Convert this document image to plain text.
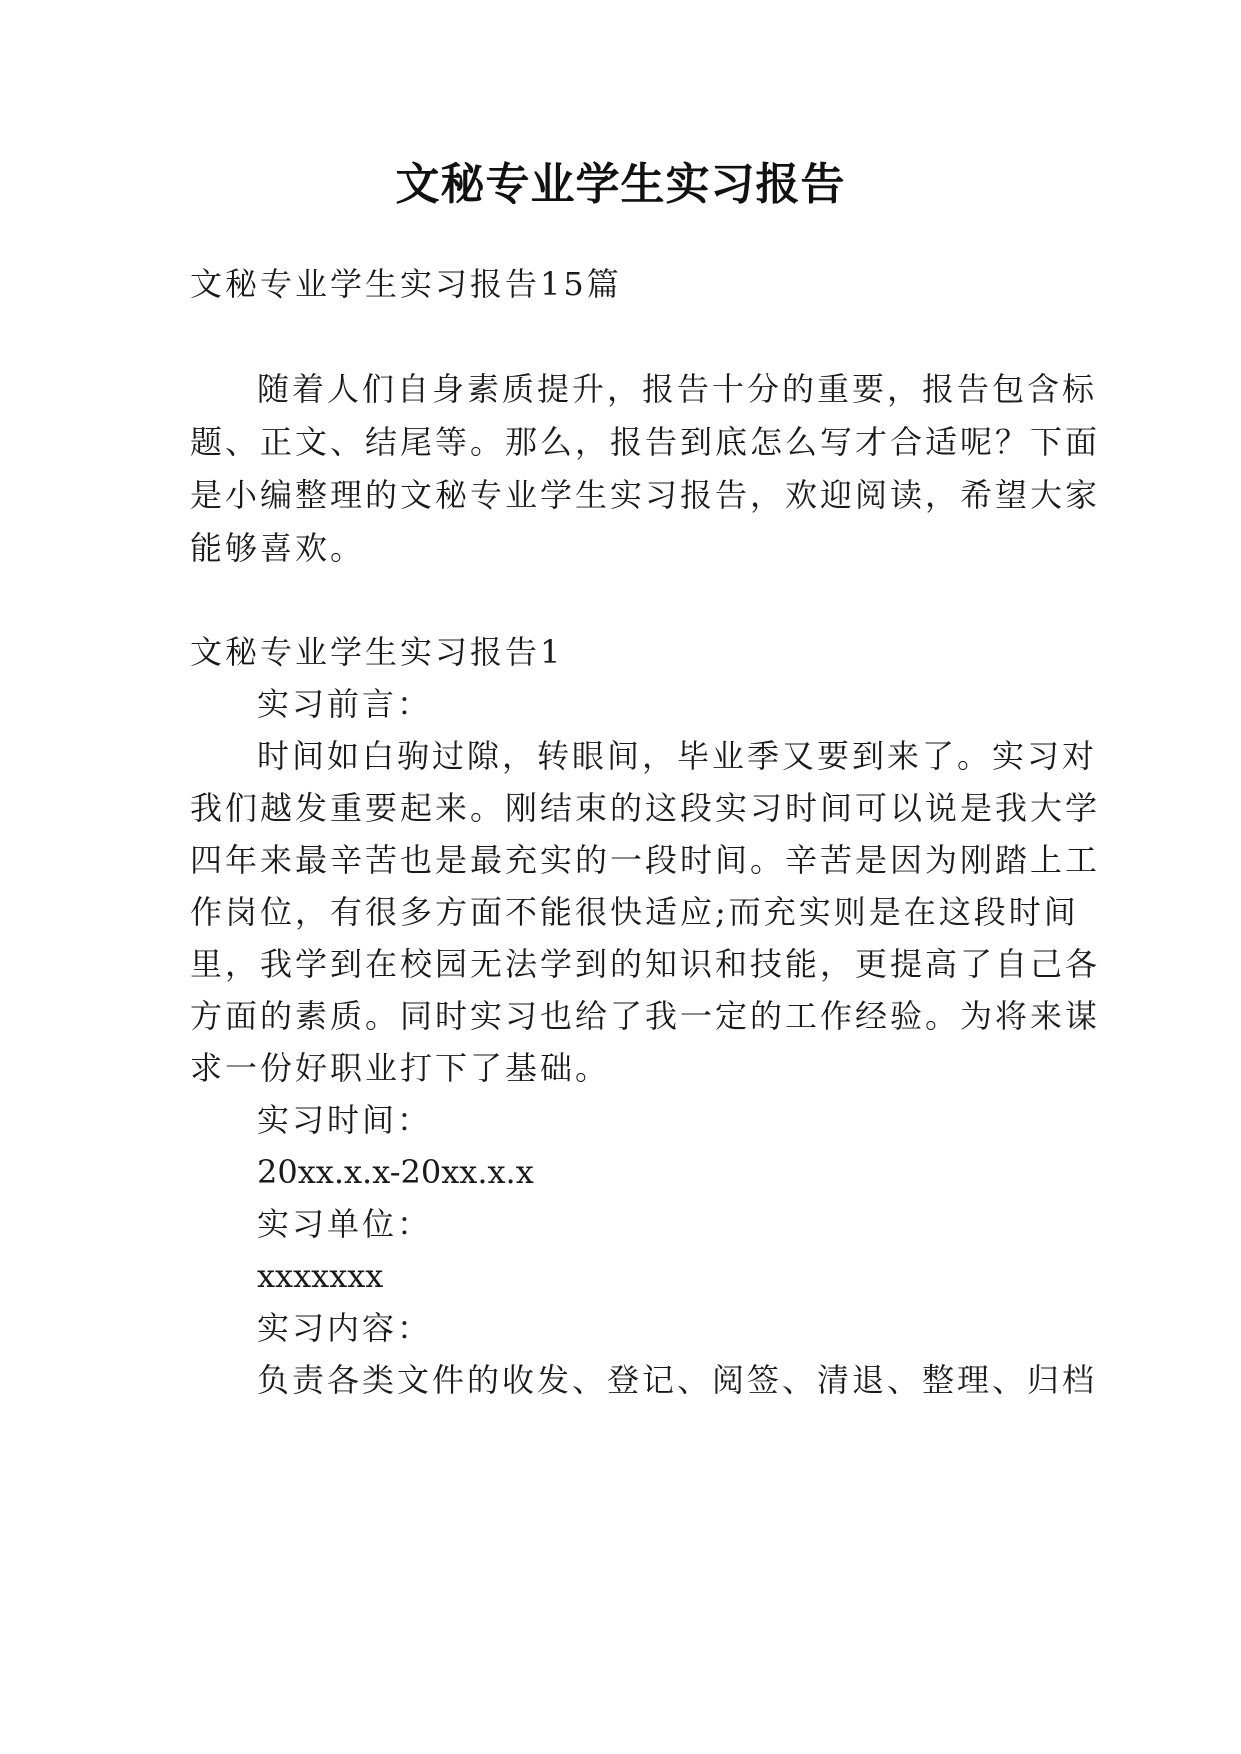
文秘专业学生实习报告
文秘专业学生实习报告15篇
随着人们自身素质提升，报告十分的重要，报告包含标
题、正文、结尾等。那么，报告到底怎么写才合适呢？下面
是小编整理的文秘专业学生实习报告，欢迎阅读，希望大家
能够喜欢。
文秘专业学生实习报告1
实习前言：
时间如白驹过隙，转眼间，毕业季又要到来了。实习对
我们越发重要起来。刚结束的这段实习时间可以说是我大学
四年来最辛苦也是最充实的一段时间。辛苦是因为刚踏上工
作岗位，有很多方面不能很快适应;而充实则是在这段时间
里，我学到在校园无法学到的知识和技能，更提高了自己各
方面的素质。同时实习也给了我一定的工作经验。为将来谋
求一份好职业打下了基础。
实习时间：
20xx.x.x-20xx.x.x
实习单位：
xxxxxxx
实习内容：
负责各类文件的收发、登记、阅签、清退、整理、归档
